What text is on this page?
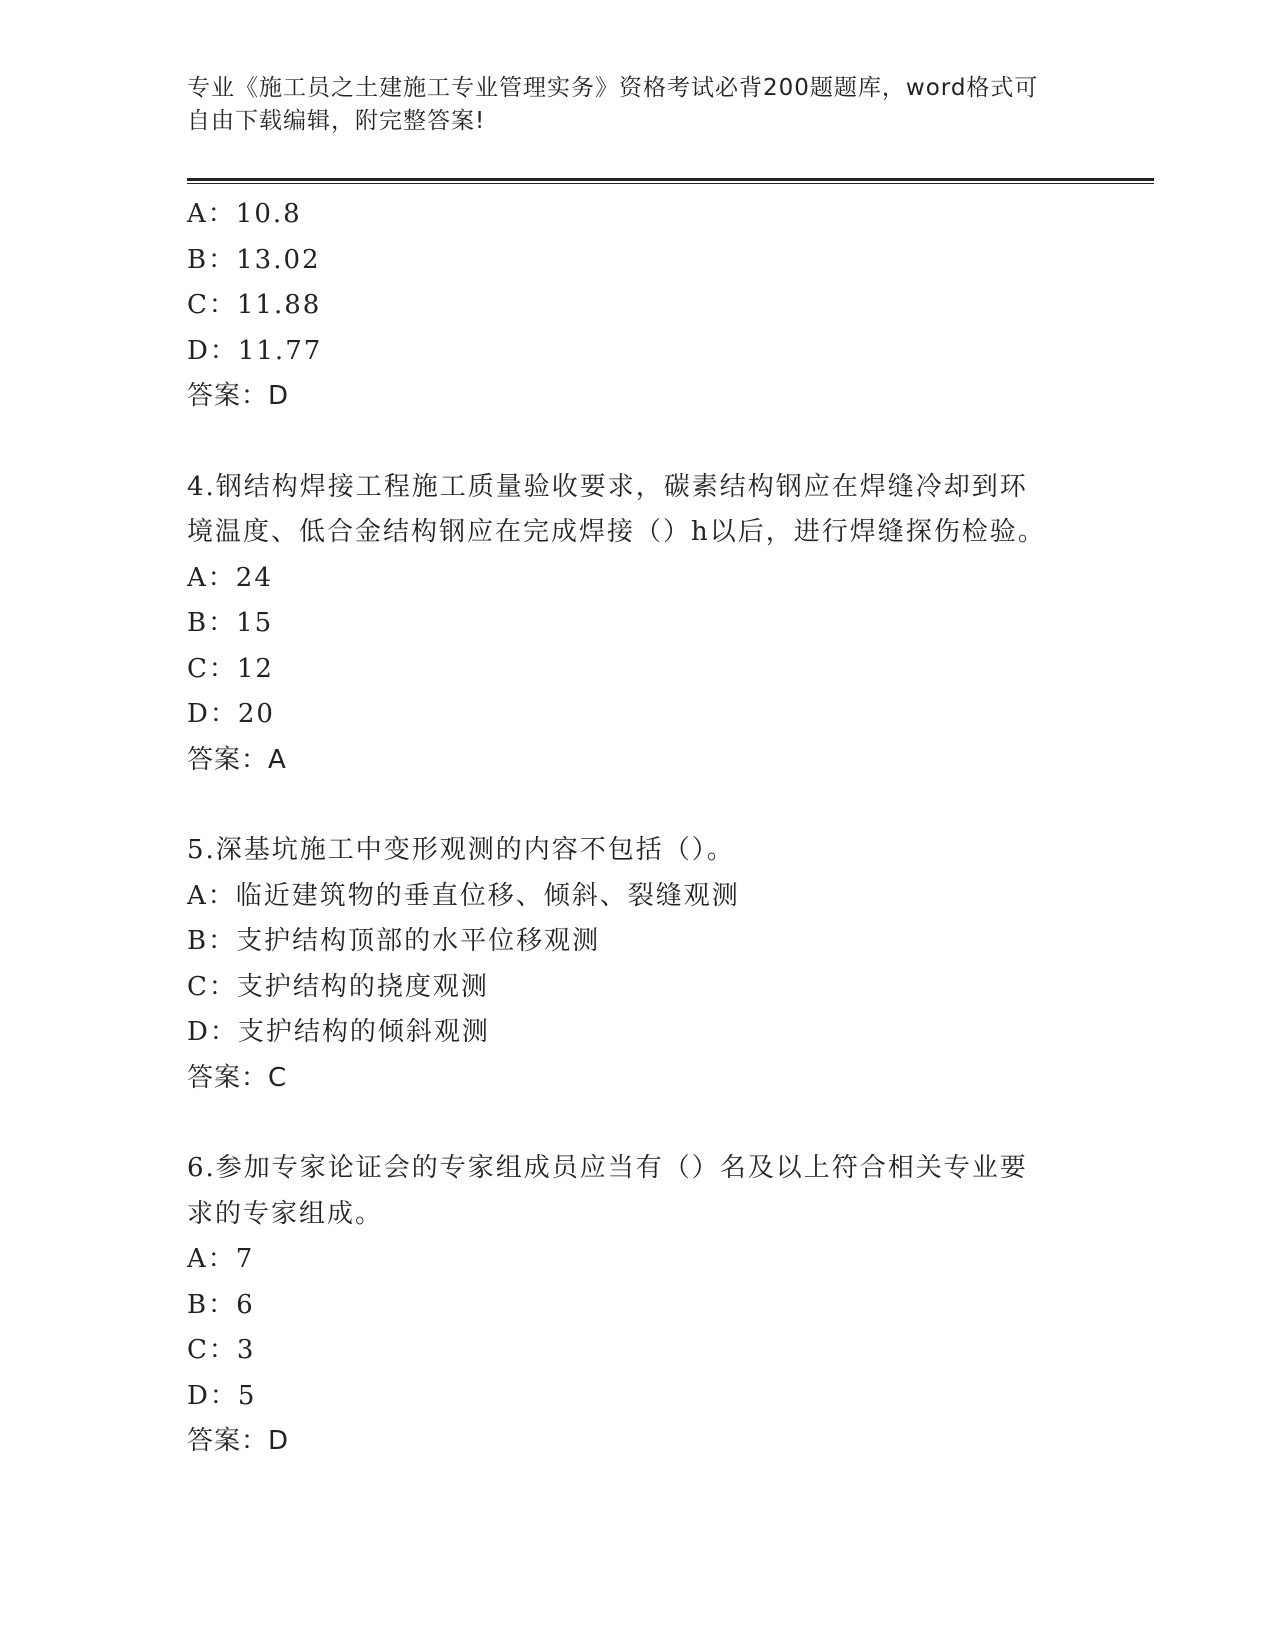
专业《施工员之土建施工专业管理实务》资格考试必背200题题库，word格式可
自由下载编辑，附完整答案!
A：10.8
B：13.02
C：11.88
D：11.77
答案：D
4.钢结构焊接工程施工质量验收要求，碳素结构钢应在焊缝冷却到环
境温度、低合金结构钢应在完成焊接（）h以后，进行焊缝探伤检验。
A：24
B：15
C：12
D：20
答案：A
5.深基坑施工中变形观测的内容不包括（）。
A：临近建筑物的垂直位移、倾斜、裂缝观测
B：支护结构顶部的水平位移观测
C：支护结构的挠度观测
D：支护结构的倾斜观测
答案：C
6.参加专家论证会的专家组成员应当有（）名及以上符合相关专业要
求的专家组成。
A：7
B：6
C：3
D：5
答案：D
